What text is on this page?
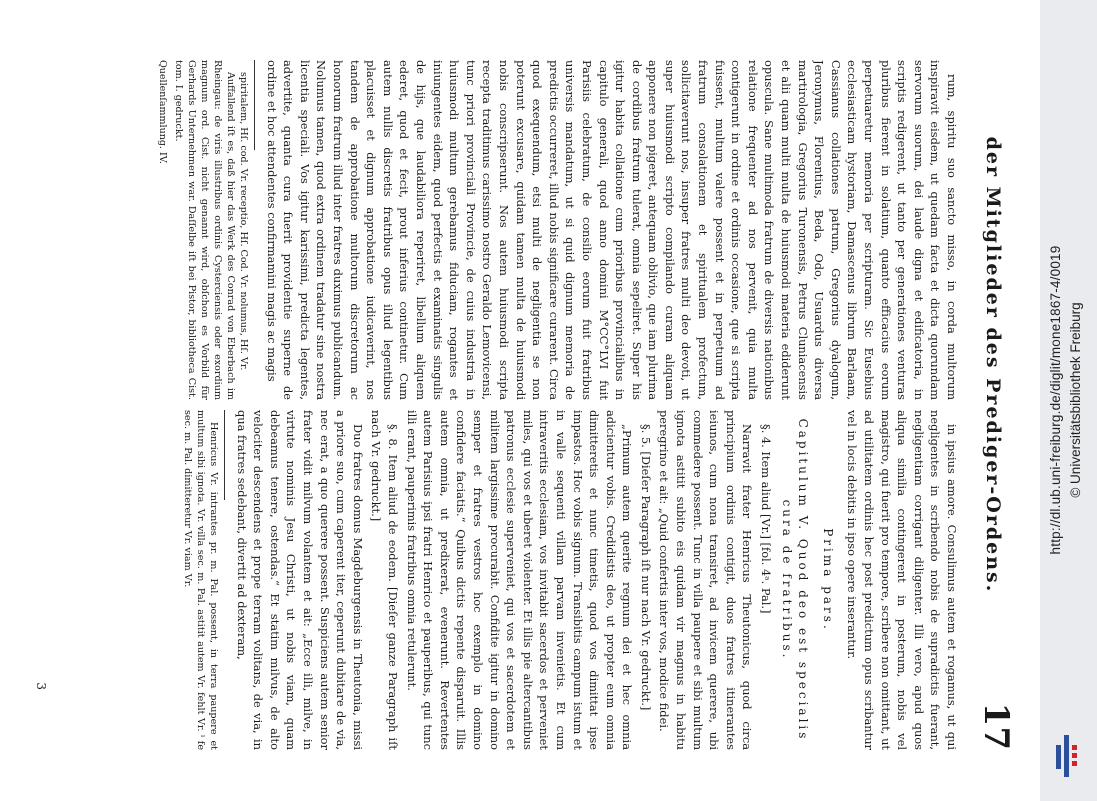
der Mitglieder des Prediger-Ordens.
17

rum, spiritu suo sancto misso, in corda multorum inspiravit eisdem, ut quedam facta et dicta quorundam servorum suorum, dei laude digna et edificatoria, in scriptis redigerent, ut tanto per generationes venturas pluribus fierent in solatium, quanto efficacius eorum perpetuaretur memoria per scripturam. Sic Eusebius ecclesiasticam hystoriam, Damascenus librum Barlaam, Cassianus collationes patrum, Gregorius dyalogum, Jeronymus, Florentius, Beda, Odo, Usuardus diversa martirologia, Gregorius Turonensis, Petrus Cluniacensis et alii quam multi multa de huiusmodi materia ediderunt opuscula. Sane multimoda fratrum de diversis nationibus relatione frequenter ad nos pervenit, quia multa contigerunt in ordine et ordinis occasione, que si scripta fuissent, multum valere possent et in perpetuum ad fratrum consolationem et spiritualem profectum, sollicitaverunt nos, insuper fratres multi deo devoti, ut super huiusmodi scripto compilando curam aliquam apponere non pigeret, antequam oblivio, que iam plurima de cordibus fratrum tulerat, omnia sepeliret. Super his igitur habita collatione cum prioribus provincialibus in capitulo generali, quod anno domini M°CC°LVI fuit Parisiis celebratum, de consilio eorum fuit fratribus universis mandatum, ut si quid dignum memoria de predictis occurreret, illud nobis significare curarent. Circa quod exequendum, etsi multi de negligentia se non poterunt excusare, quidam tamen multa de huiusmodi nobis conscripserunt. Nos autem huiusmodi scripta recepta traditimus carissimo nostro Geraldo Lemovicensi, tunc priori provinciali Provincie, de cuius industria in huiusmodi multum gerebamus fiduciam, rogantes et iniungentes eidem, quod perfectis et examinatis singulis de hijs, que laudabiliora reperiret, libellum aliquem ederet, quod et fecit, prout inferius continetur. Cum autem nullis discretis fratribus opus illud legentibus placuisset et dignum approbatione iudicaverint, nos tandem de approbatione multorum discretorum ac honorum fratrum illud inter fratres duximus publicandum. Nolumus tamen, quod extra ordinem tradatur sine nostra licentia speciali. Vos igitur karissimi, predicta legentes, advertite, quanta cura fuerit providentie superne de ordine et hoc attendentes confirmamini magis ac magis

spiritalem, Hſ. cod. Vr. receptio, Hſ. Cod. Vr. nolumus, Hſ. Vr.

Auffallend iſt es, daß hier das Werk des Conrad von Eberbach im Rheingau: de viris illustribus ordinis Cysterciensis oder exordium magnum ord. Cist. nicht genannt wird, obſchon es Vorbild für Gerhards Unternehmen war. Daſſelbe iſt bei Pistor, bibliotheca Cist. tom. I. gedruckt.

Quellenſammlung. IV.

in ipsius amore. Consulimus autem et rogamus, ut qui negligentes in scribendo nobis de supradictis fuerant, negligentiam corrigant diligenter. Illi vero, apud quos aliqua similia contingerent in posterum, nobis vel magistro, qui fuerit pro tempore, scribere non omittant, ut ad utilitatem ordinis hec post predictum opus scribantur vel in locis debitis in ipso opere inserantur.

Prima pars.
Capitulum V. Quod deo est specialis cura de fratribus.

§. 4. Item aliud [Vr.] [fol. 4ᵃ. Pal.]

Narravit frater Henricus Theutonicus, quod circa principium ordinis contigit, duos fratres itinerantes ieiunos, cum nona transiret, ad invicem querere, ubi commedere possent. Tunc in villa paupere et sibi multum ignota astitit subito eis quidam vir magnus in habitu peregrino et ait: „Quid confertis inter vos, modice fidei.

§. 5. [Dieſer Paragraph iſt nur nach Vr. gedruckt.]

„Primum autem querite regnum dei et hec omnia adicientur vobis. Credidistis deo, ut propter eum omnia dimitteretis et nunc timetis, quod vos dimittat ipse impastos. Hoc vobis signum. Transibitis campum istum et in valle sequenti villam parvam invenietis. Et cum intraveritis ecclesiam, vos invitabit sacerdos et perveniet miles, qui vos et uberet violenter. Et illis pie altercantibus patronus ecclesie superveniet, qui vos et sacerdotem et militem largissime procurabit. Confidite igitur in domino semper et fratres vestros hoc exemplo in domino confidere faciatis.“ Quibus dictis repente disparuit. Illis autem omnia, ut predixerat, evenerunt. Revertentes autem Parisius ipsi fratri Henrico et pauperibus, qui tunc illi erant, pauperimis fratribus omnia retulerunt.

§. 8. Item aliud de eodem. [Dieſer ganze Paragraph iſt nach Vr. gedruckt.]

Duo fratres domus Magdeburgensis in Theutonia, missi a priore suo, cum caperent iter, ceperunt dubitare de via, nec erat, a quo querere possent. Suspiciens autem senior frater vidit milvum volantem et ait: „Ecce illi, milve, in virtute nominis Jesu Christi, ut nobis viam, quam debeamus tenere, ostendas.“ Et statim milvus, de alto velociter descendens et prope terram volitans, de via, in qua fratres sedebant, divertit ad dexteram,

Henricus Vr. intrantes pr. m. Pal. possent, in terra paupere et multum sibi ignota. Vr. villa sec. m. Pal. astitit autem Vr. fehlt Vr. ˡ fe sec. m. Pal. dimitteretur Vr. viam Vr.

3
http://dl.ub.uni-freiburg.de/diglit/mone1867-4/0019 © Universitätsbibliothek Freiburg
